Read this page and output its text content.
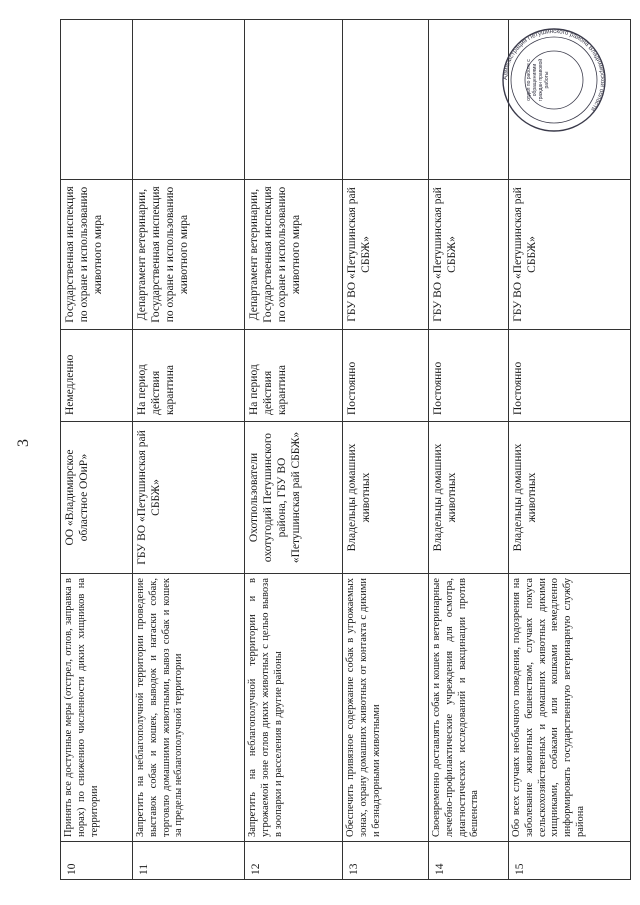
3
10	Принять все доступные меры (отстрел, отлов, заправка в норах) по снижению численности диких хищников на территории	ОО «Владимирское областное ООиР»	Немедленно	Государственная инспекция по охране и использованию животного мира	
11	Запретить на неблагополучной территории проведение выставок собак и кошек, выводок и натаски собак, торговлю домашними животными, вывоз собак и кошек за пределы неблагополучной территории	ГБУ ВО «Петушинская рай СББЖ»	На период действия карантина	Департамент ветеринарии, Государственная инспекция по охране и использованию животного мира	
12	Запретить на неблагополучной территории и в угрожаемой зоне отлов диких животных с целью вывоза в зоопарки и расселения в другие районы	Охотпользователи охотугодий Петушинского района, ГБУ ВО «Петушинская рай СББЖ»	На период действия карантина	Департамент ветеринарии, Государственная инспекция по охране и использованию животного мира	
13	Обеспечить привязное содержание собак в угрожаемых зонах, охрану домашних животных от контакта с дикими и безнадзорными животными	Владельцы домашних животных	Постоянно	ГБУ ВО «Петушинская рай СББЖ»	
14	Своевременно доставлять собак и кошек в ветеринарные лечебно-профилактические учреждения для осмотра, диагностических исследований и вакцинации против бешенства	Владельцы домашних животных	Постоянно	ГБУ ВО «Петушинская рай СББЖ»	
15	Обо всех случаях необычного поведения, подозрения на заболевание животных бешенством, случаях покуса сельскохозяйственных и домашних животных дикими хищниками, собаками или кошками немедленно информировать государственную ветеринарную службу района	Владельцы домашних животных	Постоянно	ГБУ ВО «Петушинская рай СББЖ»	
Администрация Петушинского района Владимирской области
отдел по работе с обращениями граждан правовой работы
